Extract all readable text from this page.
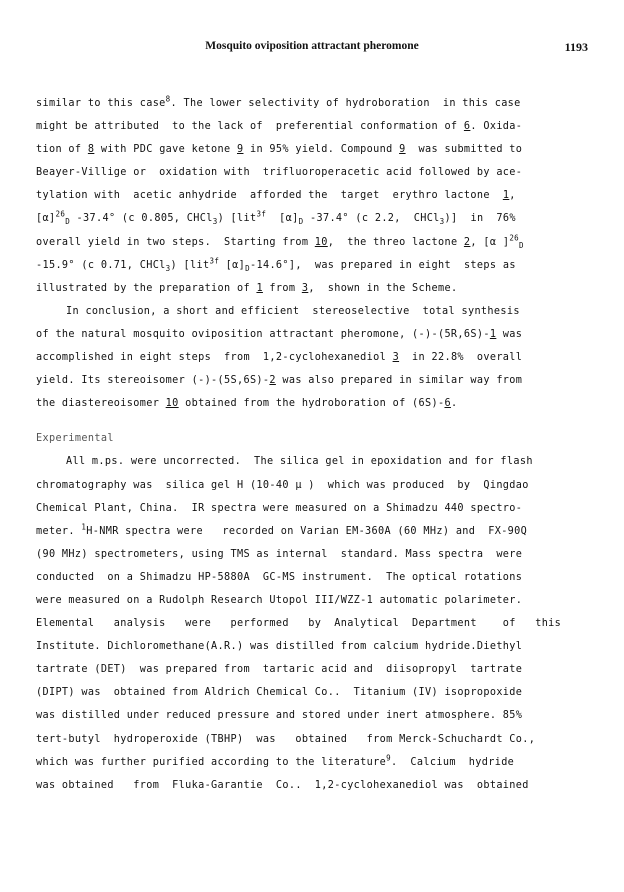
Mosquito oviposition attractant pheromone	1193
similar to this case$^8$. The lower selectivity of hydroboration  in this case
might be attributed  to the lack of  preferential conformation of 6. Oxida-
tion of 8 with PDC gave ketone 9 in 95% yield. Compound 9  was submitted to
Beayer-Villige or  oxidation with  trifluoroperacetic acid followed by ace-
tylation with  acetic anhydride  afforded the  target  erythro lactone  1,
$[\alpha]^{26}_D$ -37.4° (c 0.805, CHCl$_3$) [lit$^{3f}$  $[\alpha]_D$ -37.4° (c 2.2,  CHCl$_3$)]  in  76%
overall yield in two steps.  Starting from 10,  the threo lactone 2, [α ]$^{26}_D$
-15.9° (c 0.71, CHCl$_3$) [lit$^{3f}$ $[\alpha]_D-14.6^\circ$],  was prepared in eight  steps as
illustrated by the preparation of 1 from 3,  shown in the Scheme.
In conclusion, a short and efficient  stereoselective  total synthesis
of the natural mosquito oviposition attractant pheromone, (-)-(5R,6S)-1 was
accomplished in eight steps  from  1,2-cyclohexanediol 3  in 22.8%  overall
yield. Its stereoisomer (-)-(5S,6S)-2 was also prepared in similar way from
the diastereoisomer 10 obtained from the hydroboration of (6S)-6.
Experimental
All m.ps. were uncorrected.  The silica gel in epoxidation and for flash
chromatography was  silica gel H (10-40 μ )  which was produced  by  Qingdao
Chemical Plant, China.  IR spectra were measured on a Shimadzu 440 spectro-
meter. $^1$H-NMR spectra were   recorded on Varian EM-360A (60 MHz) and  FX-90Q
(90 MHz) spectrometers, using TMS as internal  standard. Mass spectra  were
conducted  on a Shimadzu HP-5880A  GC-MS instrument.  The optical rotations
were measured on a Rudolph Research Utopol III/WZZ-1 automatic polarimeter.
Elemental   analysis   were   performed   by  Analytical  Department    of   this
Institute. Dichloromethane(A.R.) was distilled from calcium hydride.Diethyl
tartrate (DET)  was prepared from  tartaric acid and  diisopropyl  tartrate
(DIPT) was  obtained from Aldrich Chemical Co..  Titanium (IV) isopropoxide
was distilled under reduced pressure and stored under inert atmosphere. 85%
tert-butyl  hydroperoxide (TBHP)  was   obtained   from Merck-Schuchardt Co.,
which was further purified according to the literature$^9$.  Calcium  hydride
was obtained   from  Fluka-Garantie  Co..  1,2-cyclohexanediol was  obtained
